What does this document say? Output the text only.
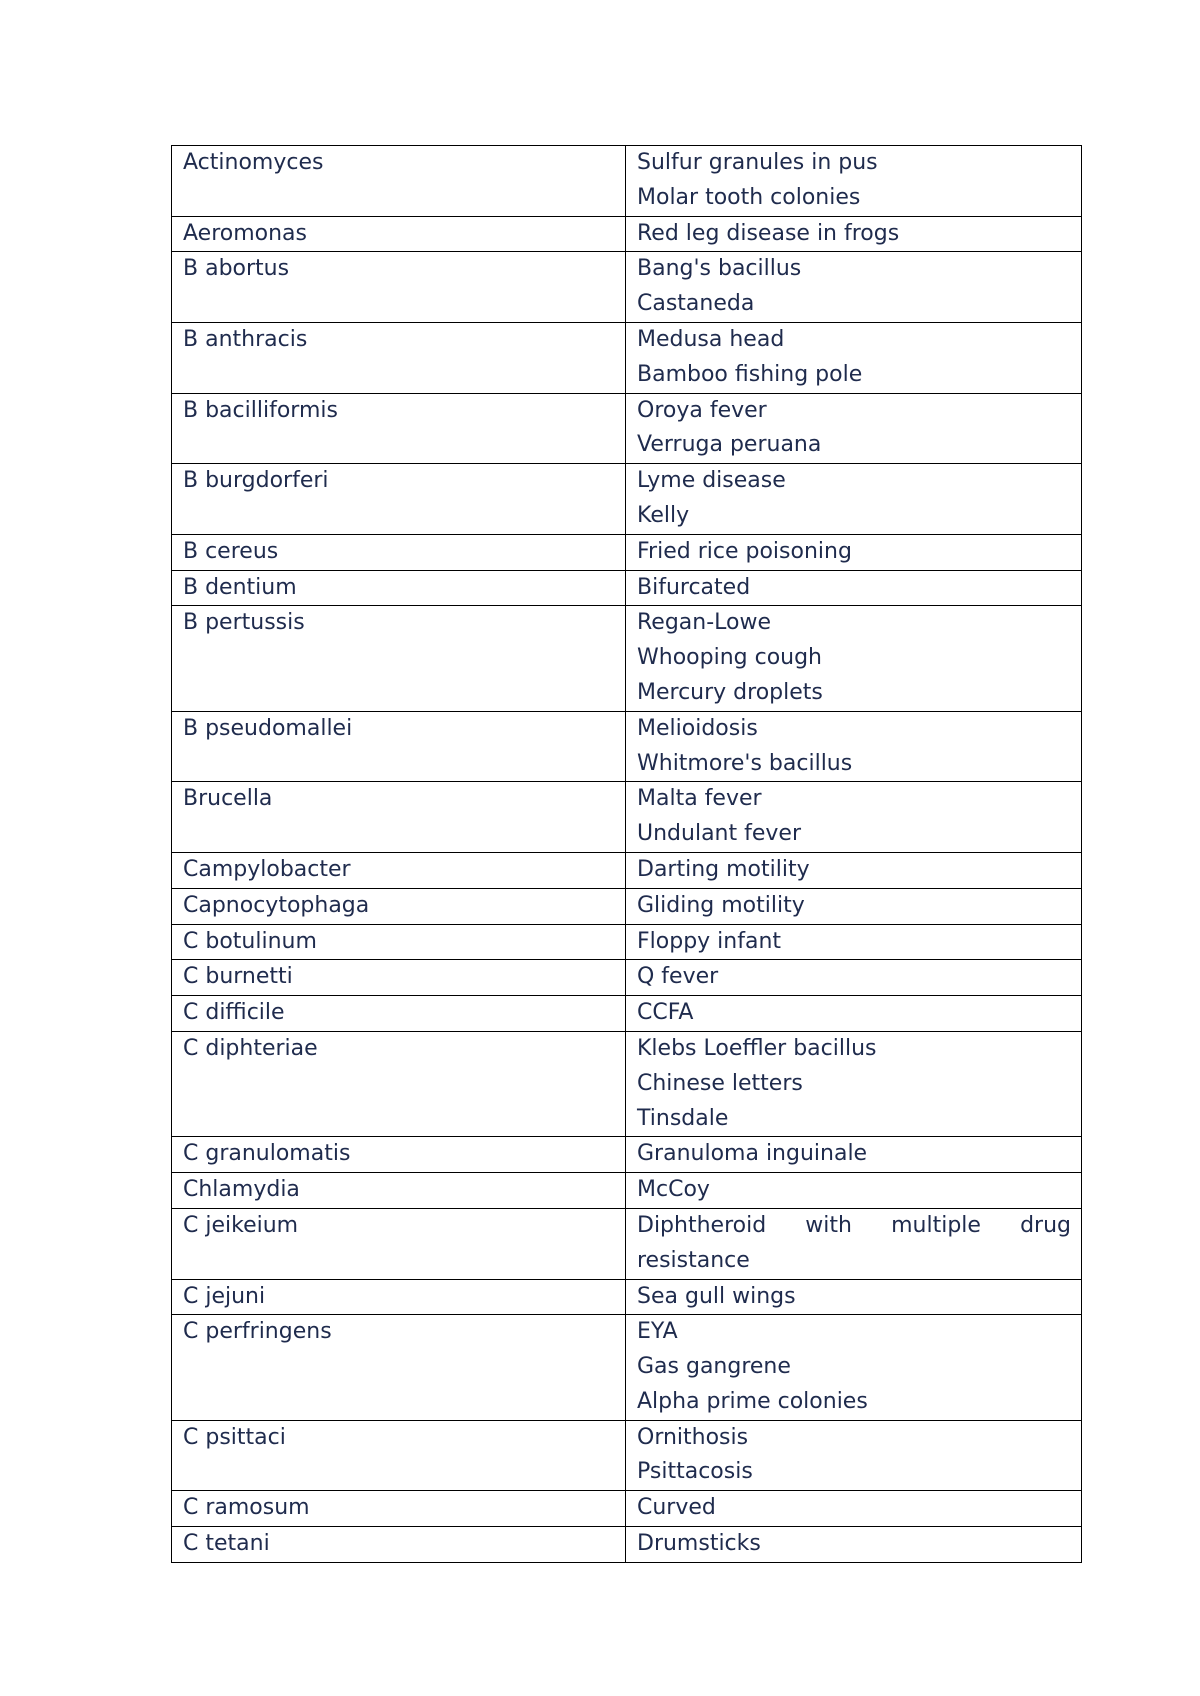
Actinomyces	Sulfur granules in pus
Molar tooth colonies

Aeromonas	Red leg disease in frogs

B abortus	Bang's bacillus
Castaneda

B anthracis	Medusa head
Bamboo fishing pole

B bacilliformis	Oroya fever
Verruga peruana

B burgdorferi	Lyme disease
Kelly

B cereus	Fried rice poisoning

B dentium	Bifurcated

B pertussis	Regan-Lowe
Whooping cough
Mercury droplets

B pseudomallei	Melioidosis
Whitmore's bacillus

Brucella	Malta fever
Undulant fever

Campylobacter	Darting motility

Capnocytophaga	Gliding motility

C botulinum	Floppy infant

C burnetti	Q fever

C difficile	CCFA

C diphteriae	Klebs Loeffler bacillus
Chinese letters
Tinsdale

C granulomatis	Granuloma inguinale

Chlamydia	McCoy

C jeikeium	Diphtheroid with multiple drug
resistance

C jejuni	Sea gull wings

C perfringens	EYA
Gas gangrene
Alpha prime colonies

C psittaci	Ornithosis
Psittacosis

C ramosum	Curved

C tetani	Drumsticks
